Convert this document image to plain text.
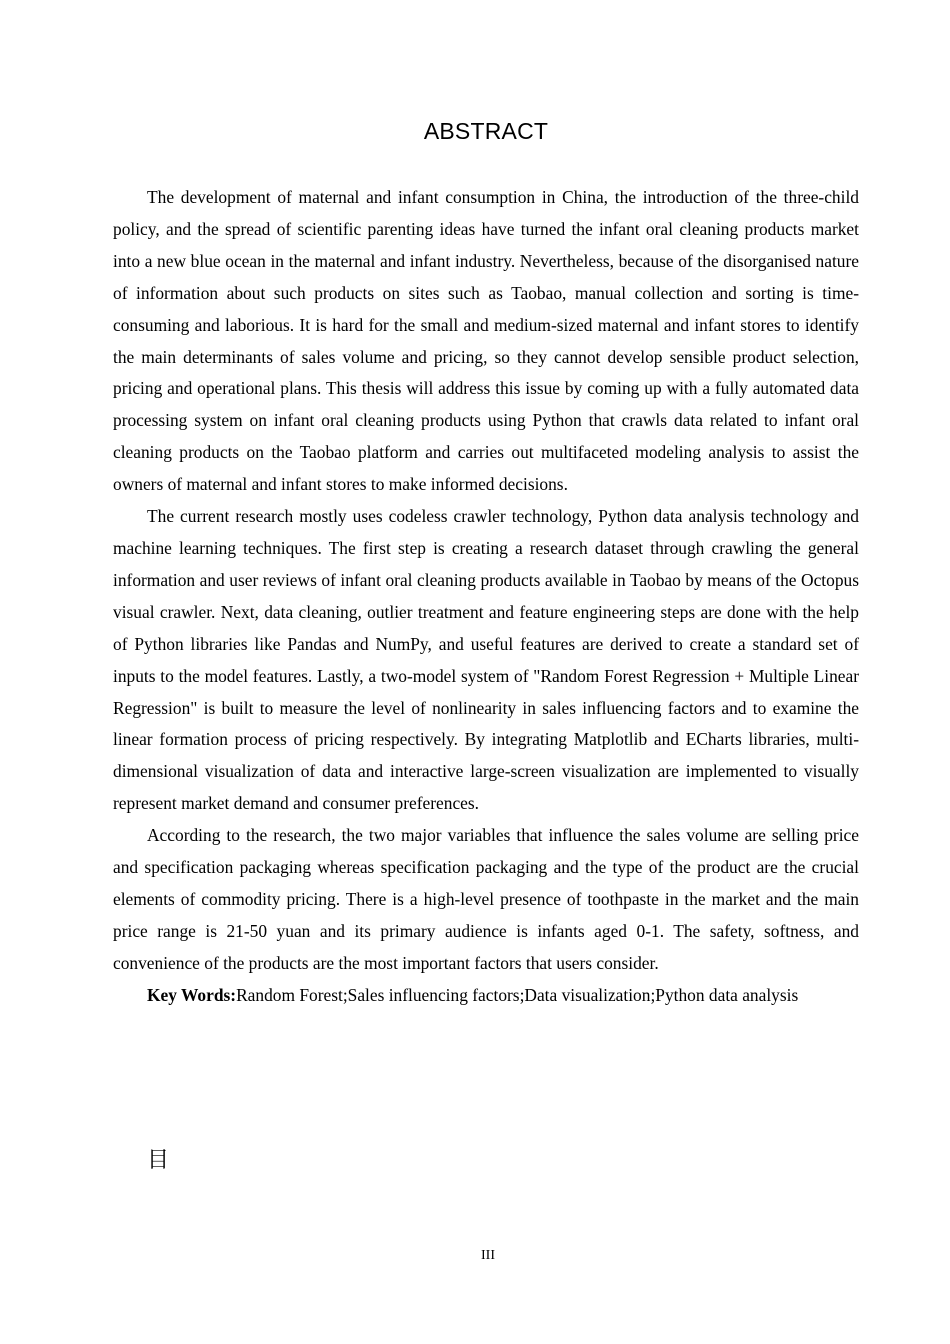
ABSTRACT

The development of maternal and infant consumption in China, the introduction of the three-child policy, and the spread of scientific parenting ideas have turned the infant oral cleaning products market into a new blue ocean in the maternal and infant industry. Nevertheless, because of the disorganised nature of information about such products on sites such as Taobao, manual collection and sorting is time-consuming and laborious. It is hard for the small and medium-sized maternal and infant stores to identify the main determinants of sales volume and pricing, so they cannot develop sensible product selection, pricing and operational plans. This thesis will address this issue by coming up with a fully automated data processing system on infant oral cleaning products using Python that crawls data related to infant oral cleaning products on the Taobao platform and carries out multifaceted modeling analysis to assist the owners of maternal and infant stores to make informed decisions.

The current research mostly uses codeless crawler technology, Python data analysis technology and machine learning techniques. The first step is creating a research dataset through crawling the general information and user reviews of infant oral cleaning products available in Taobao by means of the Octopus visual crawler. Next, data cleaning, outlier treatment and feature engineering steps are done with the help of Python libraries like Pandas and NumPy, and useful features are derived to create a standard set of inputs to the model features. Lastly, a two-model system of "Random Forest Regression + Multiple Linear Regression" is built to measure the level of nonlinearity in sales influencing factors and to examine the linear formation process of pricing respectively. By integrating Matplotlib and ECharts libraries, multi-dimensional visualization of data and interactive large-screen visualization are implemented to visually represent market demand and consumer preferences.

According to the research, the two major variables that influence the sales volume are selling price and specification packaging whereas specification packaging and the type of the product are the crucial elements of commodity pricing. There is a high-level presence of toothpaste in the market and the main price range is 21-50 yuan and its primary audience is infants aged 0-1. The safety, softness, and convenience of the products are the most important factors that users consider.

Key Words:Random Forest;Sales influencing factors;Data visualization;Python data analysis

目
III
